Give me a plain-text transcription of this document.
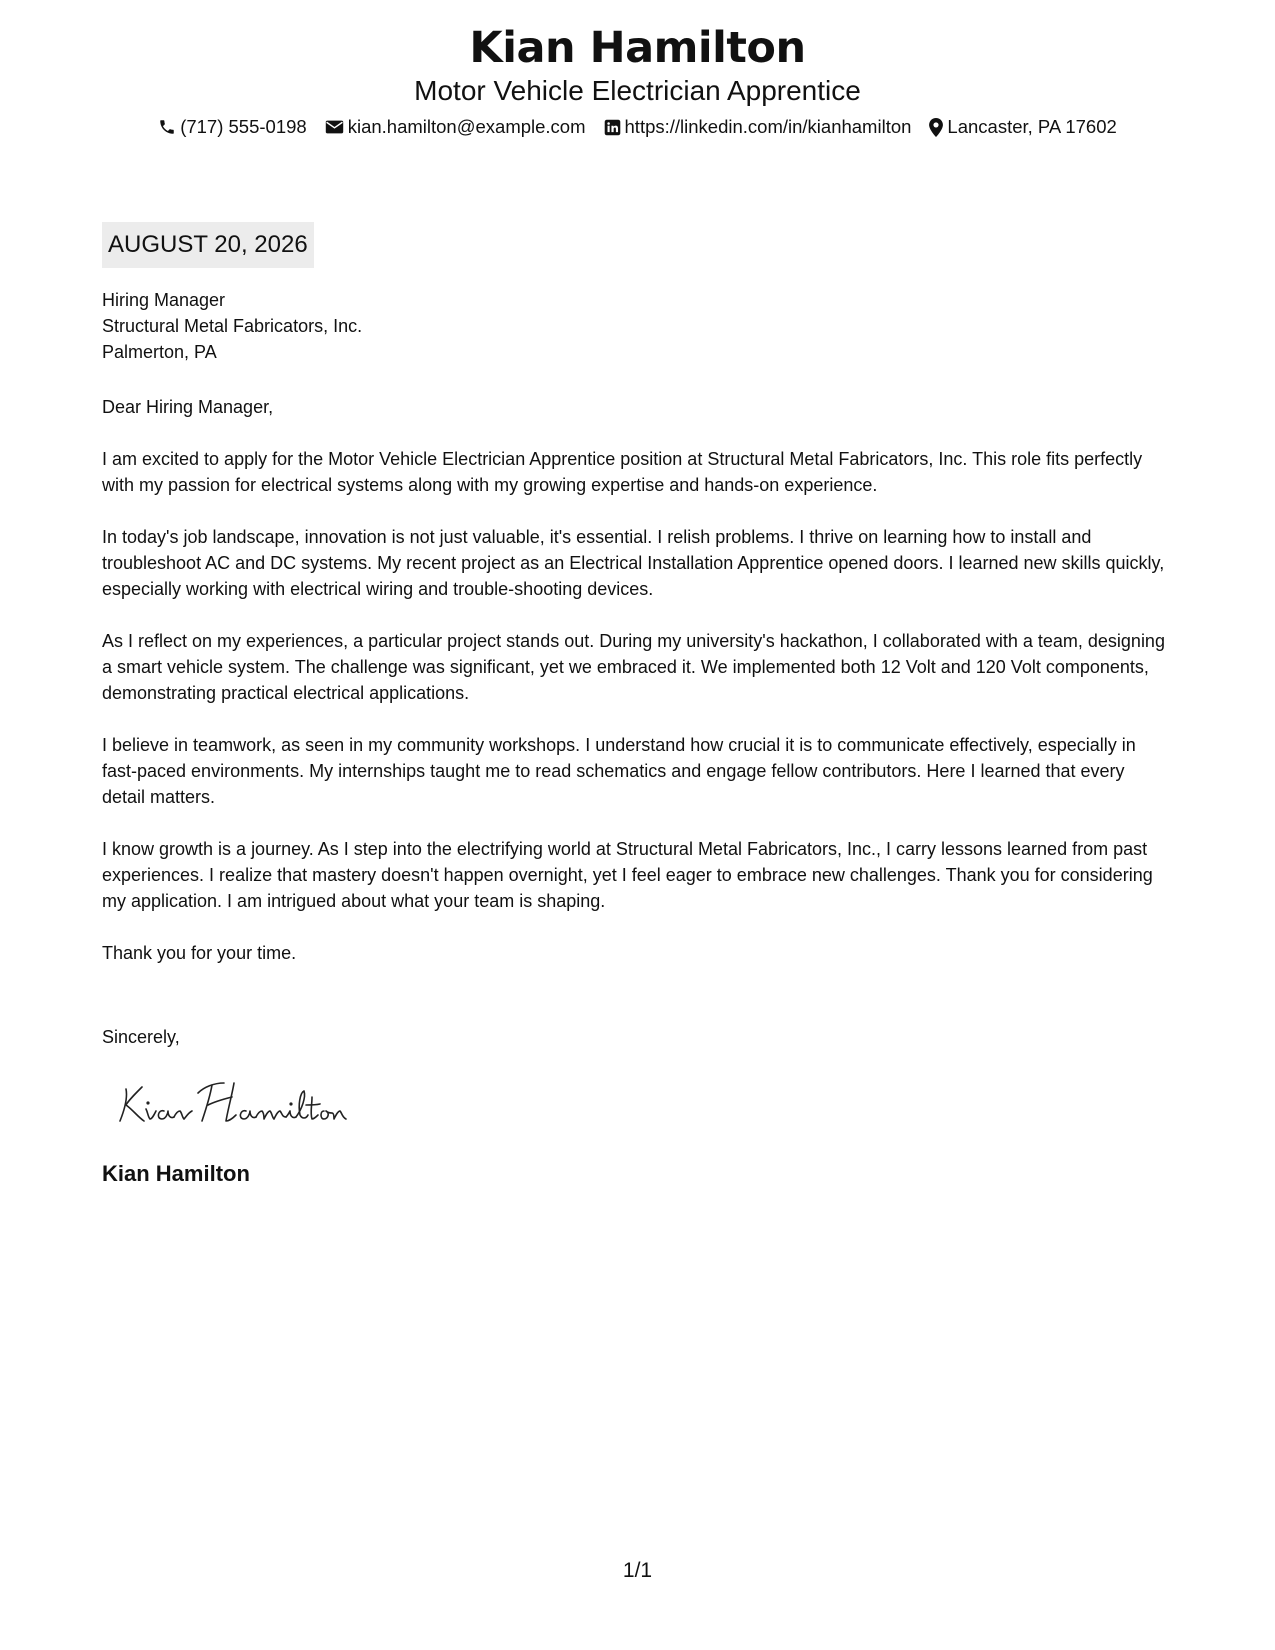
Kian Hamilton
Motor Vehicle Electrician Apprentice
(717) 555-0198 kian.hamilton@example.com https://linkedin.com/in/kianhamilton Lancaster, PA 17602
AUGUST 20, 2026
Hiring Manager
Structural Metal Fabricators, Inc.
Palmerton, PA
Dear Hiring Manager,

I am excited to apply for the Motor Vehicle Electrician Apprentice position at Structural Metal Fabricators, Inc. This role fits perfectly with my passion for electrical systems along with my growing expertise and hands-on experience.

In today's job landscape, innovation is not just valuable, it's essential. I relish problems. I thrive on learning how to install and troubleshoot AC and DC systems. My recent project as an Electrical Installation Apprentice opened doors. I learned new skills quickly, especially working with electrical wiring and trouble-shooting devices.

As I reflect on my experiences, a particular project stands out. During my university's hackathon, I collaborated with a team, designing a smart vehicle system. The challenge was significant, yet we embraced it. We implemented both 12 Volt and 120 Volt components, demonstrating practical electrical applications.

I believe in teamwork, as seen in my community workshops. I understand how crucial it is to communicate effectively, especially in fast-paced environments. My internships taught me to read schematics and engage fellow contributors. Here I learned that every detail matters.

I know growth is a journey. As I step into the electrifying world at Structural Metal Fabricators, Inc., I carry lessons learned from past experiences. I realize that mastery doesn't happen overnight, yet I feel eager to embrace new challenges. Thank you for considering my application. I am intrigued about what your team is shaping.

Thank you for your time.

Sincerely,
Kian Hamilton
1/1
